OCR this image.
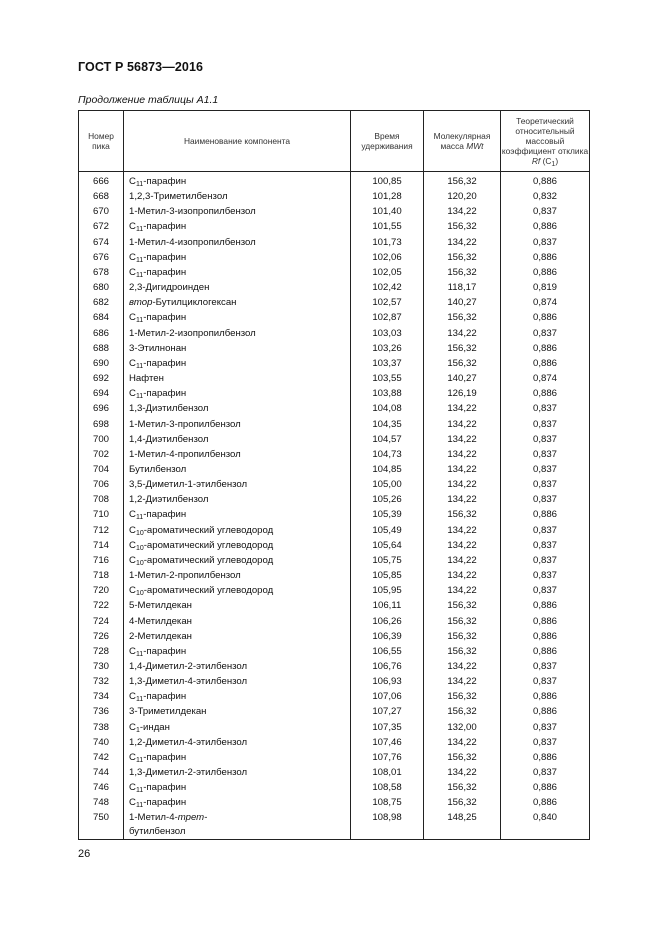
ГОСТ Р 56873—2016
Продолжение таблицы А1.1
Номер пика	Наименование компонента	Время удерживания	Молекулярная масса MWt	Теоретический относительный массовый коэффициент отклика Rf $(C_1)$
666	$C_{11}$-парафин	100,85	156,32	0,886
668	1,2,3-Триметилбензол	101,28	120,20	0,832
670	1-Метил-3-изопропилбензол	101,40	134,22	0,837
672	$C_{11}$-парафин	101,55	156,32	0,886
674	1-Метил-4-изопропилбензол	101,73	134,22	0,837
676	$C_{11}$-парафин	102,06	156,32	0,886
678	$C_{11}$-парафин	102,05	156,32	0,886
680	2,3-Дигидроинден	102,42	118,17	0,819
682	втор-Бутилциклогексан	102,57	140,27	0,874
684	$C_{11}$-парафин	102,87	156,32	0,886
686	1-Метил-2-изопропилбензол	103,03	134,22	0,837
688	3-Этилнонан	103,26	156,32	0,886
690	$C_{11}$-парафин	103,37	156,32	0,886
692	Нафтен	103,55	140,27	0,874
694	$C_{11}$-парафин	103,88	126,19	0,886
696	1,3-Диэтилбензол	104,08	134,22	0,837
698	1-Метил-3-пропилбензол	104,35	134,22	0,837
700	1,4-Диэтилбензол	104,57	134,22	0,837
702	1-Метил-4-пропилбензол	104,73	134,22	0,837
704	Бутилбензол	104,85	134,22	0,837
706	3,5-Диметил-1-этилбензол	105,00	134,22	0,837
708	1,2-Диэтилбензол	105,26	134,22	0,837
710	$C_{11}$-парафин	105,39	156,32	0,886
712	$C_{10}$-ароматический углеводород	105,49	134,22	0,837
714	$C_{10}$-ароматический углеводород	105,64	134,22	0,837
716	$C_{10}$-ароматический углеводород	105,75	134,22	0,837
718	1-Метил-2-пропилбензол	105,85	134,22	0,837
720	$C_{10}$-ароматический углеводород	105,95	134,22	0,837
722	5-Метилдекан	106,11	156,32	0,886
724	4-Метилдекан	106,26	156,32	0,886
726	2-Метилдекан	106,39	156,32	0,886
728	$C_{11}$-парафин	106,55	156,32	0,886
730	1,4-Диметил-2-этилбензол	106,76	134,22	0,837
732	1,3-Диметил-4-этилбензол	106,93	134,22	0,837
734	$C_{11}$-парафин	107,06	156,32	0,886
736	3-Триметилдекан	107,27	156,32	0,886
738	$C_1$-индан	107,35	132,00	0,837
740	1,2-Диметил-4-этилбензол	107,46	134,22	0,837
742	$C_{11}$-парафин	107,76	156,32	0,886
744	1,3-Диметил-2-этилбензол	108,01	134,22	0,837
746	$C_{11}$-парафин	108,58	156,32	0,886
748	$C_{11}$-парафин	108,75	156,32	0,886
750	1-Метил-4-трет-
бутилбензол	108,98	148,25	0,840
26
